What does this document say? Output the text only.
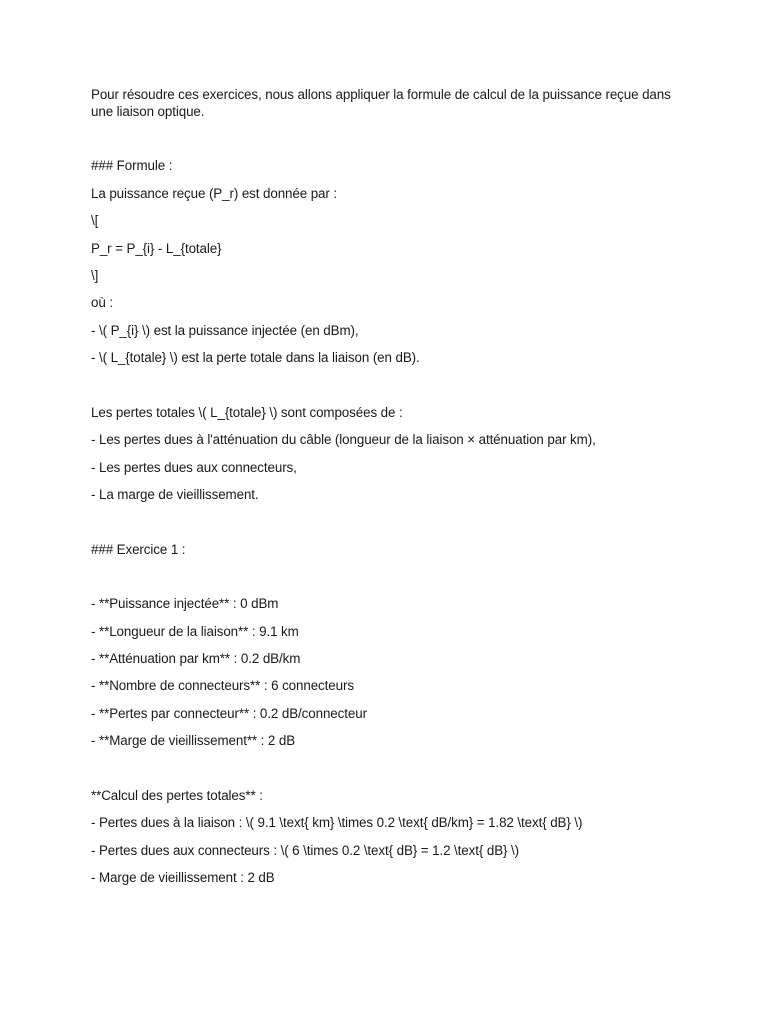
Pour résoudre ces exercices, nous allons appliquer la formule de calcul de la puissance reçue dans

une liaison optique.

### Formule :

La puissance reçue (P_r) est donnée par :

\[

P_r = P_{i} - L_{totale}

\]

où :

- \( P_{i} \) est la puissance injectée (en dBm),

- \( L_{totale} \) est la perte totale dans la liaison (en dB).

Les pertes totales \( L_{totale} \) sont composées de :

- Les pertes dues à l'atténuation du câble (longueur de la liaison × atténuation par km),

- Les pertes dues aux connecteurs,

- La marge de vieillissement.

### Exercice 1 :

- **Puissance injectée** : 0 dBm

- **Longueur de la liaison** : 9.1 km

- **Atténuation par km** : 0.2 dB/km

- **Nombre de connecteurs** : 6 connecteurs

- **Pertes par connecteur** : 0.2 dB/connecteur

- **Marge de vieillissement** : 2 dB

**Calcul des pertes totales** :

- Pertes dues à la liaison : \( 9.1 \text{ km} \times 0.2 \text{ dB/km} = 1.82 \text{ dB} \)

- Pertes dues aux connecteurs : \( 6 \times 0.2 \text{ dB} = 1.2 \text{ dB} \)

- Marge de vieillissement : 2 dB
